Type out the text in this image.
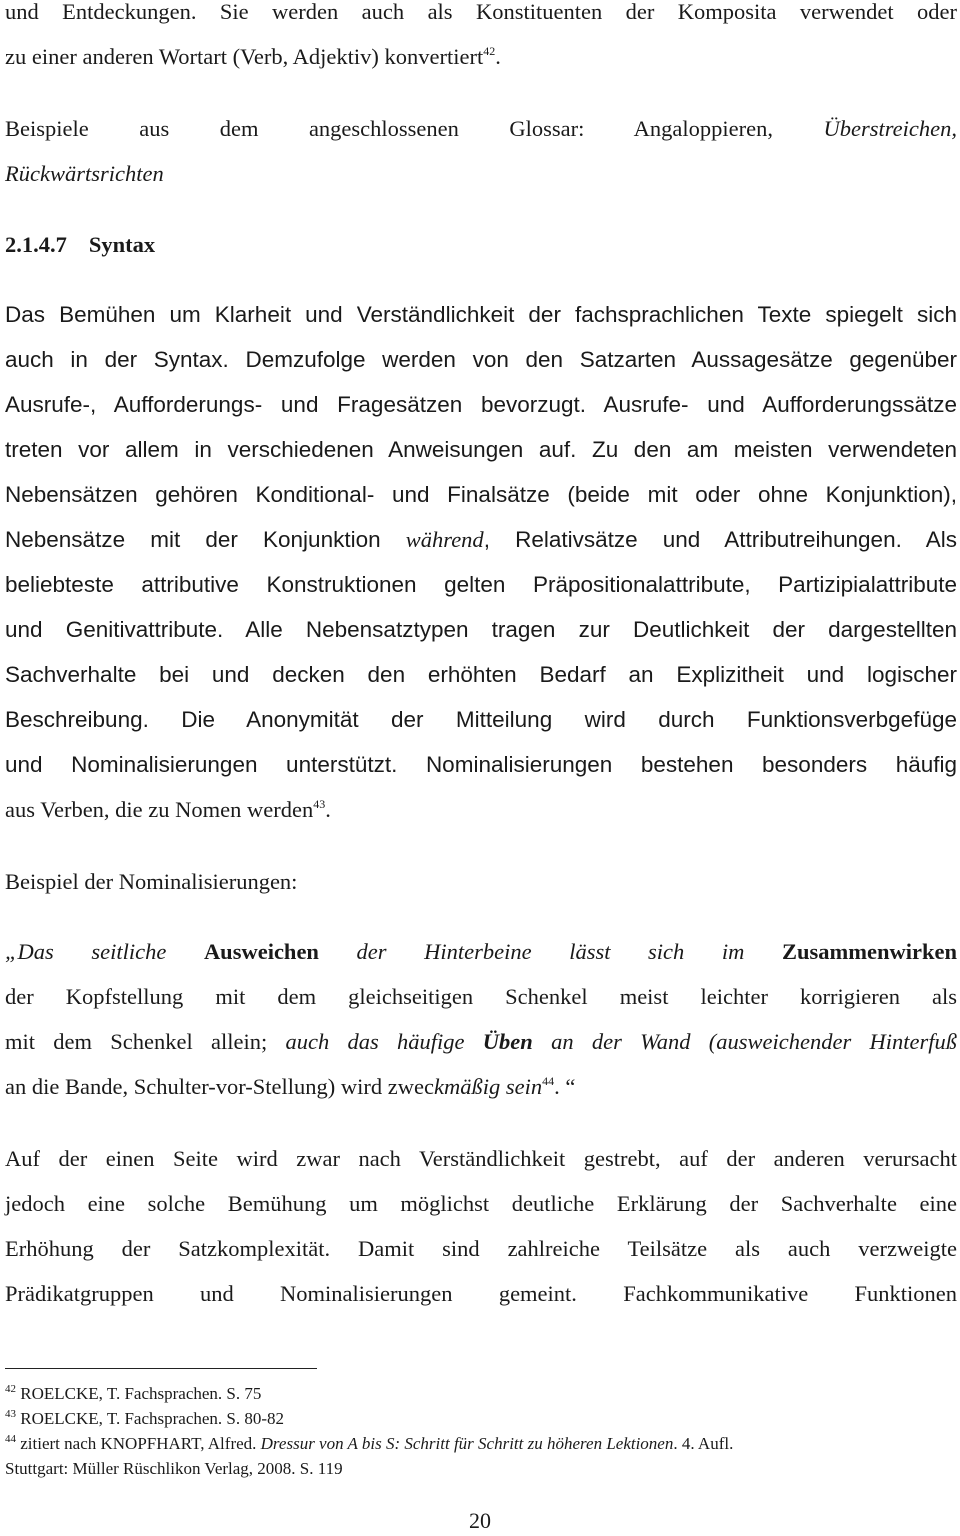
und Entdeckungen. Sie werden auch als Konstituenten der Komposita verwendet oder
zu einer anderen Wortart (Verb, Adjektiv) konvertiert$^{42}$.
Beispiele aus dem angeschlossenen Glossar: Angaloppieren, Überstreichen,
Rückwärtsrichten
2.1.4.7 Syntax
Das Bemühen um Klarheit und Verständlichkeit der fachsprachlichen Texte spiegelt sich
auch in der Syntax. Demzufolge werden von den Satzarten Aussagesätze gegenüber
Ausrufe-, Aufforderungs- und Fragesätzen bevorzugt. Ausrufe- und Aufforderungssätze
treten vor allem in verschiedenen Anweisungen auf. Zu den am meisten verwendeten
Nebensätzen gehören Konditional- und Finalsätze (beide mit oder ohne Konjunktion),
Nebensätze mit der Konjunktion während, Relativsätze und Attributreihungen. Als
beliebteste attributive Konstruktionen gelten Präpositionalattribute, Partizipialattribute
und Genitivattribute. Alle Nebensatztypen tragen zur Deutlichkeit der dargestellten
Sachverhalte bei und decken den erhöhten Bedarf an Explizitheit und logischer
Beschreibung. Die Anonymität der Mitteilung wird durch Funktionsverbgefüge
und Nominalisierungen unterstützt. Nominalisierungen bestehen besonders häufig
aus Verben, die zu Nomen werden$^{43}$.
Beispiel der Nominalisierungen:
„Das seitliche Ausweichen der Hinterbeine lässt sich im Zusammenwirken
der Kopfstellung mit dem gleichseitigen Schenkel meist leichter korrigieren als
mit dem Schenkel allein; auch das häufige Üben an der Wand (ausweichender Hinterfuß
an die Bande, Schulter-vor-Stellung) wird zweckmäßig sein$^{44}$. “
Auf der einen Seite wird zwar nach Verständlichkeit gestrebt, auf der anderen verursacht
jedoch eine solche Bemühung um möglichst deutliche Erklärung der Sachverhalte eine
Erhöhung der Satzkomplexität. Damit sind zahlreiche Teilsätze als auch verzweigte
Prädikatgruppen und Nominalisierungen gemeint. Fachkommunikative Funktionen
$^{42}$ ROELCKE, T. Fachsprachen. S. 75
$^{43}$ ROELCKE, T. Fachsprachen. S. 80-82
$^{44}$ zitiert nach KNOPFHART, Alfred. Dressur von A bis S: Schritt für Schritt zu höheren Lektionen. 4. Aufl.
Stuttgart: Müller Rüschlikon Verlag, 2008. S. 119
20
